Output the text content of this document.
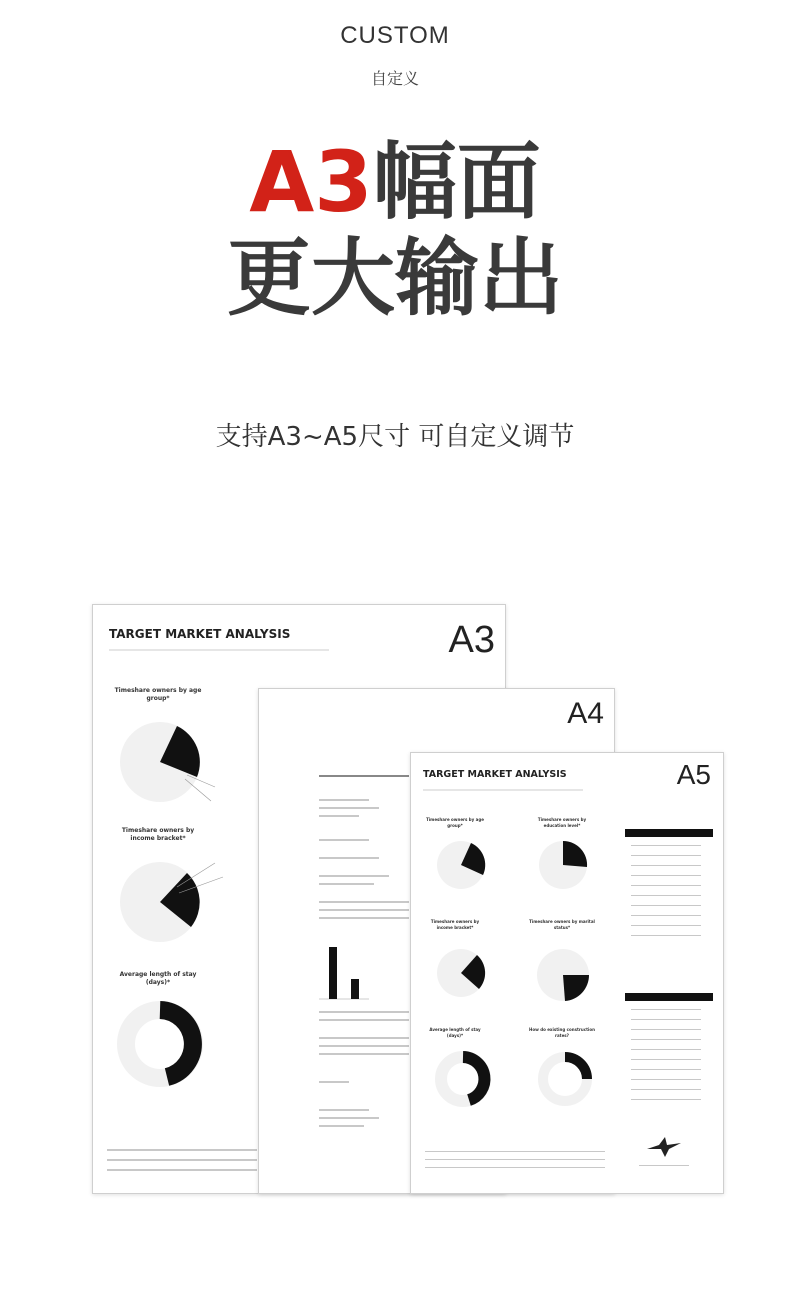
CUSTOM
自定义
A3幅面
更大输出
支持A3~A5尺寸 可自定义调节
TARGET MARKET ANALYSIS	A3
Timeshare owners by age group*
Timeshare owners by income bracket*
Average length of stay (days)*
A4
TARGET MARKET ANALYSIS	A5
Timeshare owners by age group*
Timeshare owners by education level*
Timeshare owners by income bracket*
Timeshare owners by marital status*
Average length of stay (days)*
How do existing construction rates?
